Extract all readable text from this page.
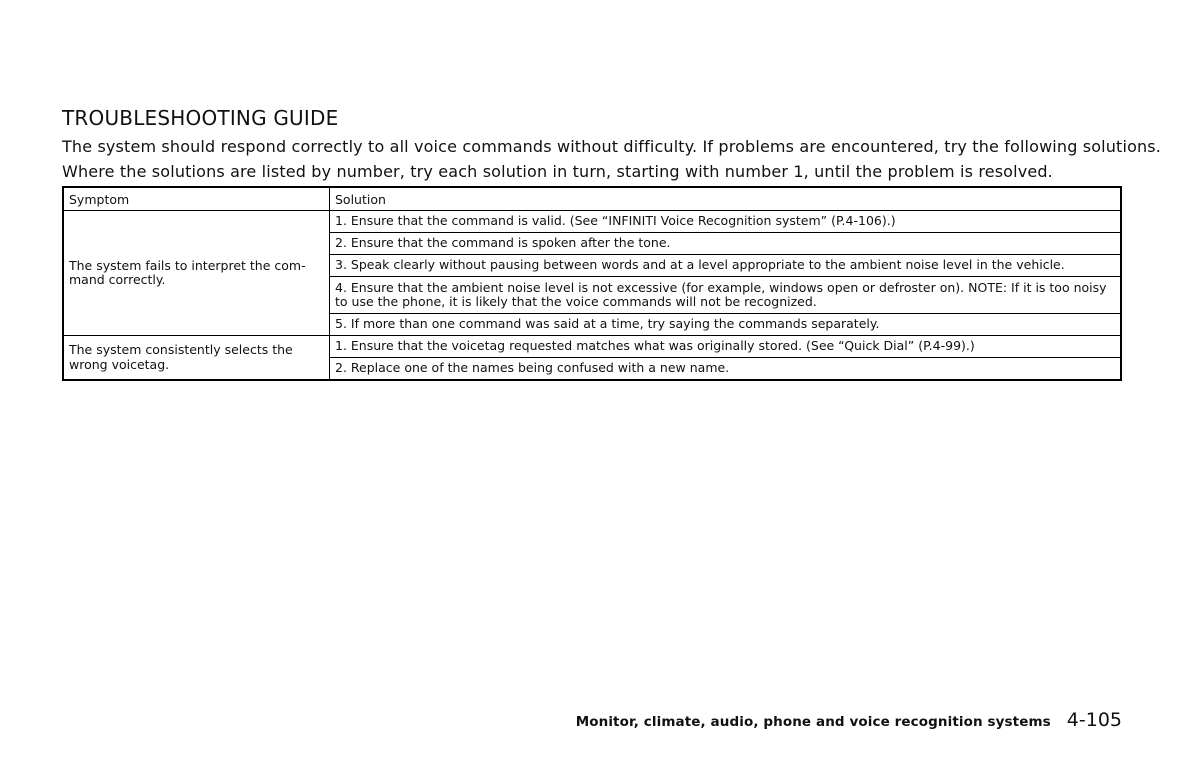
TROUBLESHOOTING GUIDE

The system should respond correctly to all voice commands without difficulty. If problems are encountered, try the following solutions.

Where the solutions are listed by number, try each solution in turn, starting with number 1, until the problem is resolved.

Symptom	Solution
The system fails to interpret the com- mand correctly.	1. Ensure that the command is valid. (See “INFINITI Voice Recognition system” (P.4-106).)
	2. Ensure that the command is spoken after the tone.
	3. Speak clearly without pausing between words and at a level appropriate to the ambient noise level in the vehicle.
	4. Ensure that the ambient noise level is not excessive (for example, windows open or defroster on). NOTE: If it is too noisy to use the phone, it is likely that the voice commands will not be recognized.
	5. If more than one command was said at a time, try saying the commands separately.
The system consistently selects the wrong voicetag.	1. Ensure that the voicetag requested matches what was originally stored. (See “Quick Dial” (P.4-99).)
	2. Replace one of the names being confused with a new name.
Monitor, climate, audio, phone and voice recognition systems 4-105
